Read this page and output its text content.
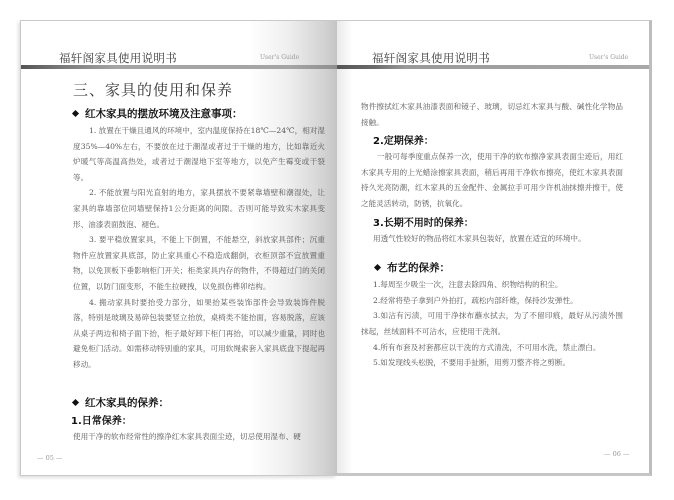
福轩阁家具使用说明书	User's Guide
三、家具的使用和保养
红木家具的摆放环境及注意事项：

1. 放置在干燥且通风的环境中，室内温度保持在18℃—24℃，相对湿度35%—40%左右，不要放在过于潮湿或者过于干燥的地方，比如靠近火炉暖气等高温高热处，或者过于潮湿地下室等地方，以免产生霉变或干裂等。

2. 不能放置与阳光直射的地方，家具摆放不要紧靠墙壁和潮湿处，让家具的靠墙部位同墙壁保持1公分距离的间隙。否则可能导致实木家具变形、油漆表面鼓泡、褪色。

3. 要平稳放置家具，不能上下倒置，不能悬空，斜放家具部件；沉重物件应放置家具底部，防止家具重心不稳造成翻倒，衣柜顶部不宜放置重物，以免顶板下垂影响柜门开关；柜类家具内存的物件，不得超过门的关闭位置，以防门面变形，不能生拉硬拽，以免损伤榫卯结构。

4. 搬动家具时要抬受力部分，如果抬某些装饰部件会导致装饰件脱落，特别是玻璃及易碎包装要竖立抬放，桌椅类不能抬面，容易脱落，应该从桌子两边和椅子面下抬，柜子最好卸下柜门再抬，可以减少重量，同时也避免柜门活动。如需移动特别重的家具，可用软绳索套入家具底盘下提起再移动。

红木家具的保养：
1.日常保养：

使用干净的软布经常性的擦净红木家具表面尘迹，切忌使用湿布、硬

— 05 —
福轩阁家具使用说明书	User's Guide

物件擦拭红木家具油漆表面和镜子、玻璃，切忌红木家具与酸、碱性化学物品接触。

2.定期保养：

一般可每季度重点保养一次，使用干净的软布擦净家具表面尘迹后，用红木家具专用的上光蜡涂擦家具表面，稍后再用干净软布擦亮，使红木家具表面持久光亮防潮，红木家具的五金配件、金属拉手可用少许机油抹擦并擦干，使之能灵活转动，防锈，抗氧化。

3.长期不用时的保养：

用透气性较好的物品将红木家具包装好，放置在适宜的环境中。

布艺的保养：

1.每周至少吸尘一次，注意去除四角、织物结构的积尘。

2.经常将垫子拿到户外拍打，疏松内部纤维，保持沙发弹性。

3.如沾有污渍，可用干净抹布蘸水拭去，为了不留印痕，最好从污渍外围抹起，丝绒面料不可沾水，应使用干洗剂。

4.所有布套及衬套都应以干洗的方式清洗，不可用水洗，禁止漂白。

5.如发现线头松脱，不要用手扯断，用剪刀整齐将之剪断。

— 06 —
